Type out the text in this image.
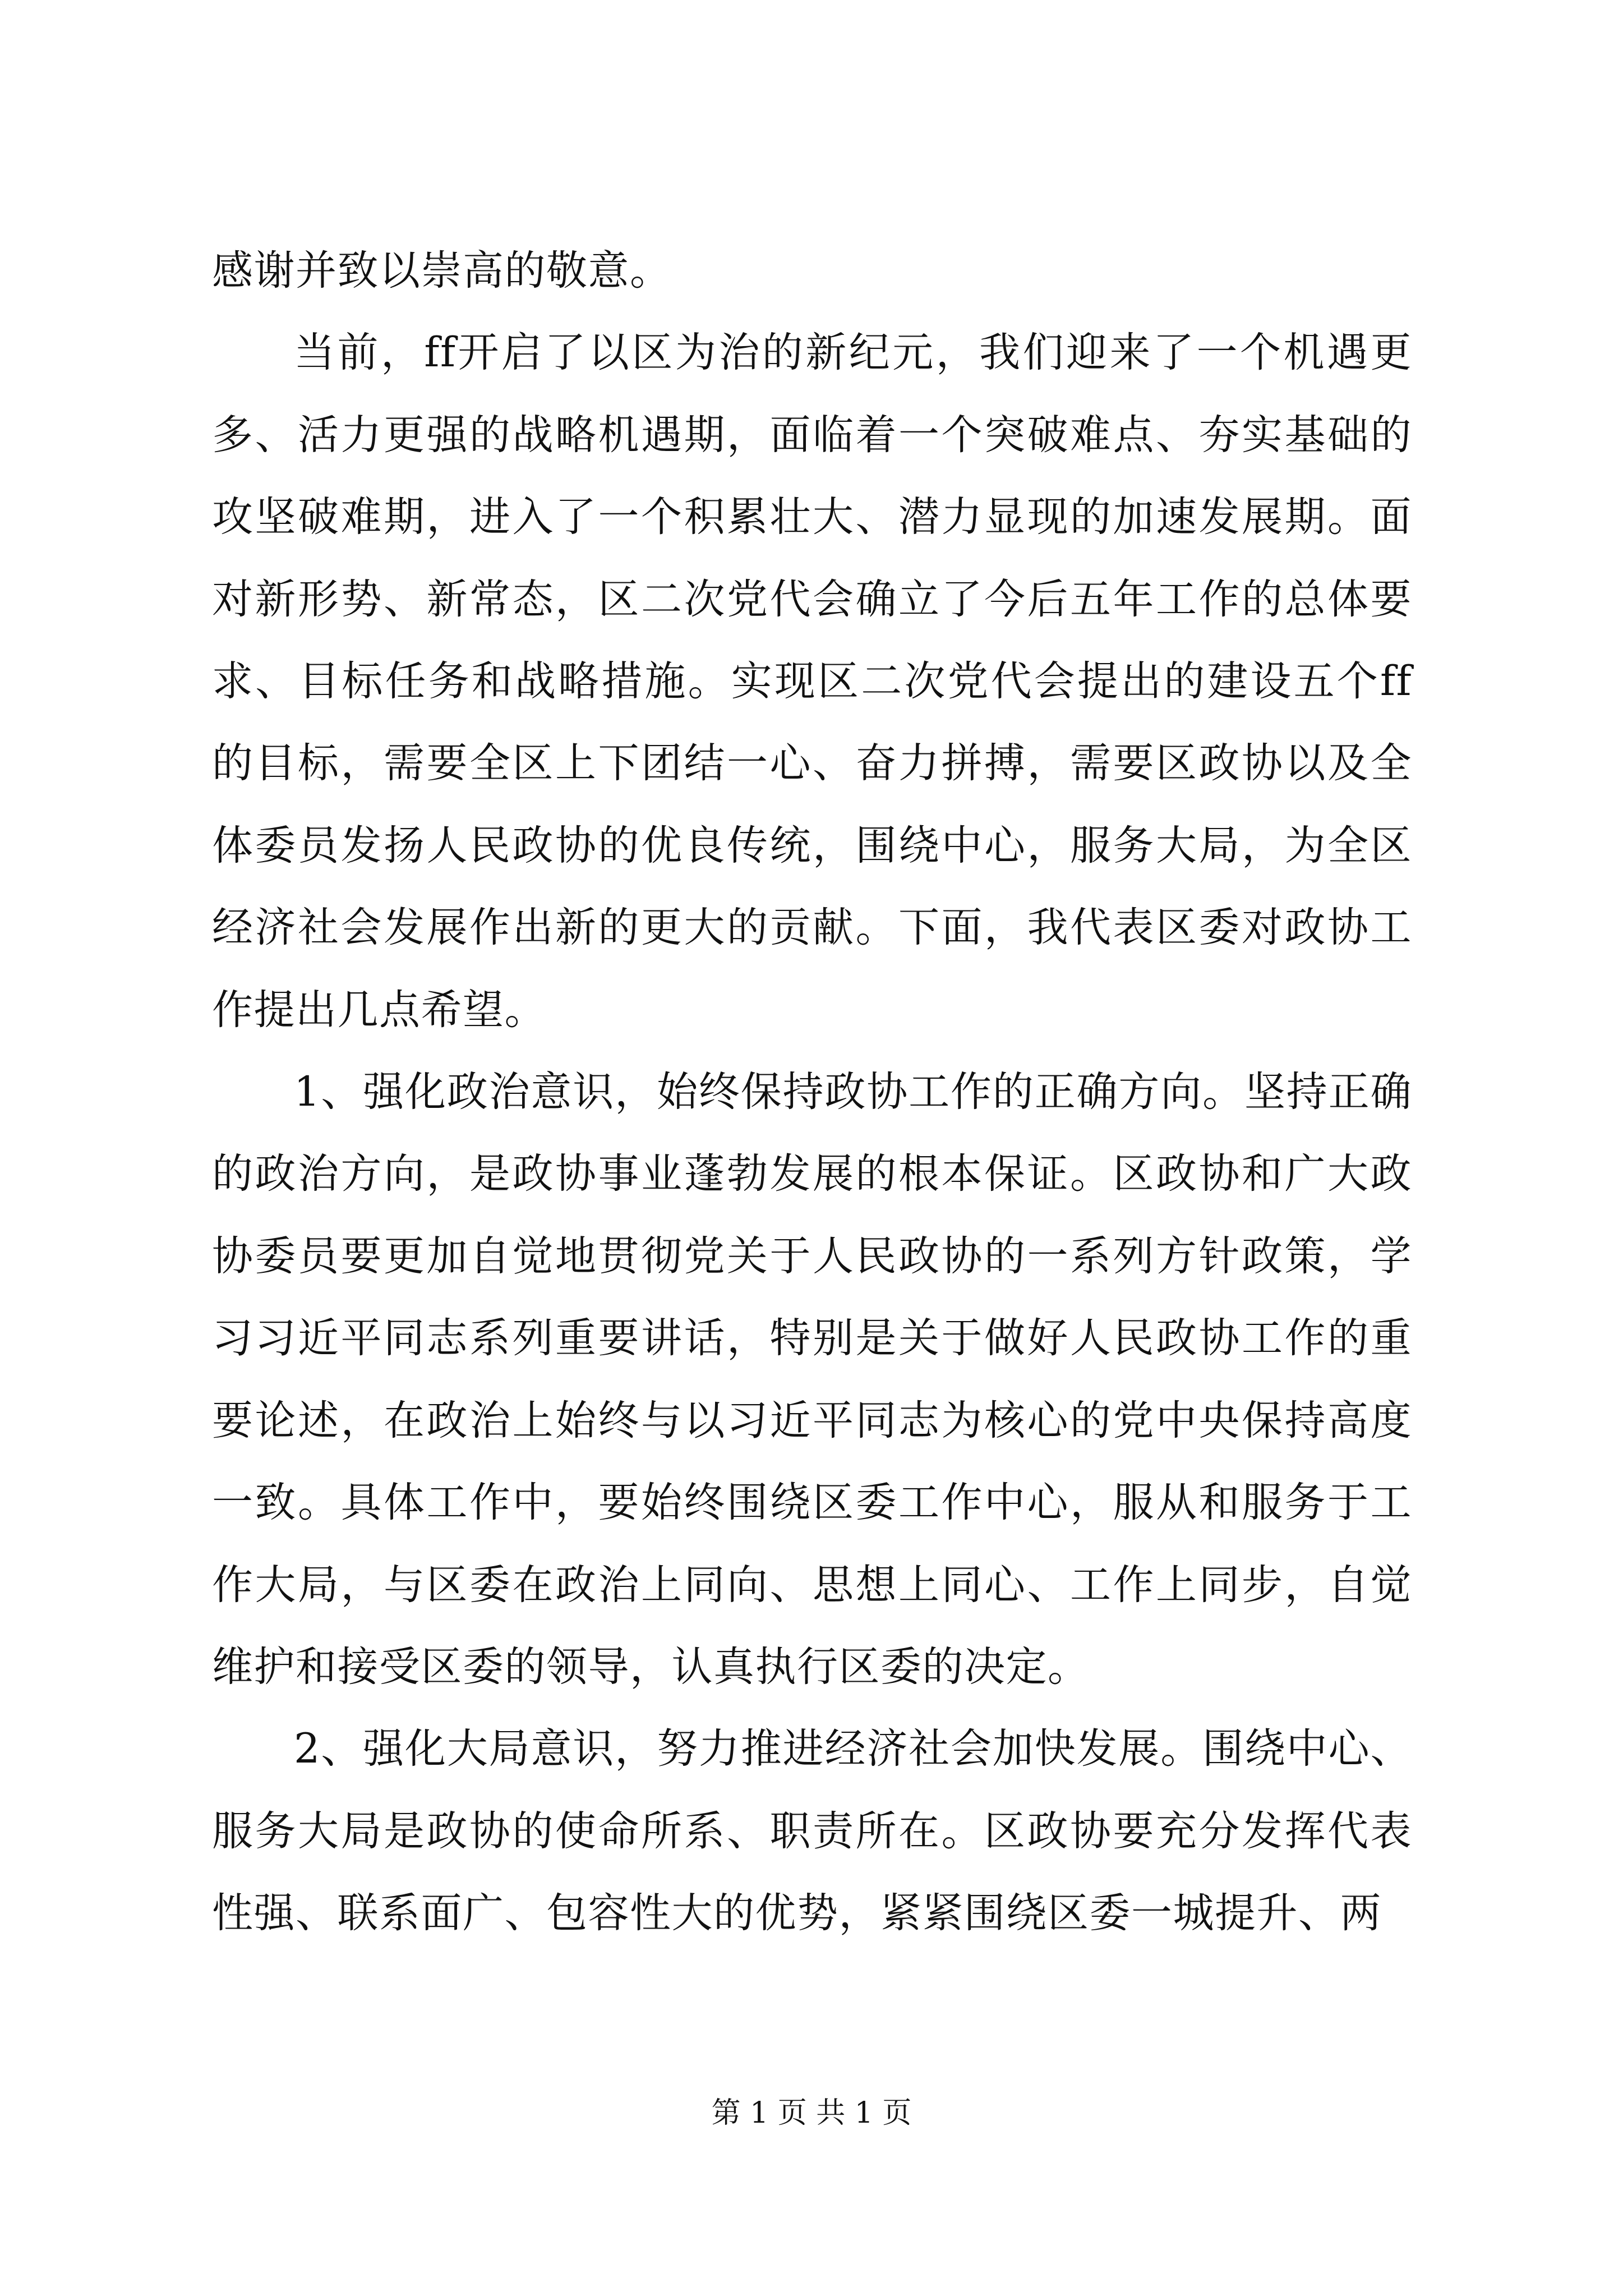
感谢并致以崇高的敬意。

当前，ff开启了以区为治的新纪元，我们迎来了一个机遇更多、活力更强的战略机遇期，面临着一个突破难点、夯实基础的攻坚破难期，进入了一个积累壮大、潜力显现的加速发展期。面对新形势、新常态，区二次党代会确立了今后五年工作的总体要求、目标任务和战略措施。实现区二次党代会提出的建设五个ff的目标，需要全区上下团结一心、奋力拼搏，需要区政协以及全体委员发扬人民政协的优良传统，围绕中心，服务大局，为全区经济社会发展作出新的更大的贡献。下面，我代表区委对政协工作提出几点希望。

1、强化政治意识，始终保持政协工作的正确方向。坚持正确的政治方向，是政协事业蓬勃发展的根本保证。区政协和广大政协委员要更加自觉地贯彻党关于人民政协的一系列方针政策，学习习近平同志系列重要讲话，特别是关于做好人民政协工作的重要论述，在政治上始终与以习近平同志为核心的党中央保持高度一致。具体工作中，要始终围绕区委工作中心，服从和服务于工作大局，与区委在政治上同向、思想上同心、工作上同步，自觉维护和接受区委的领导，认真执行区委的决定。

2、强化大局意识，努力推进经济社会加快发展。围绕中心、服务大局是政协的使命所系、职责所在。区政协要充分发挥代表性强、联系面广、包容性大的优势，紧紧围绕区委一城提升、两

第 1 页 共 1 页
